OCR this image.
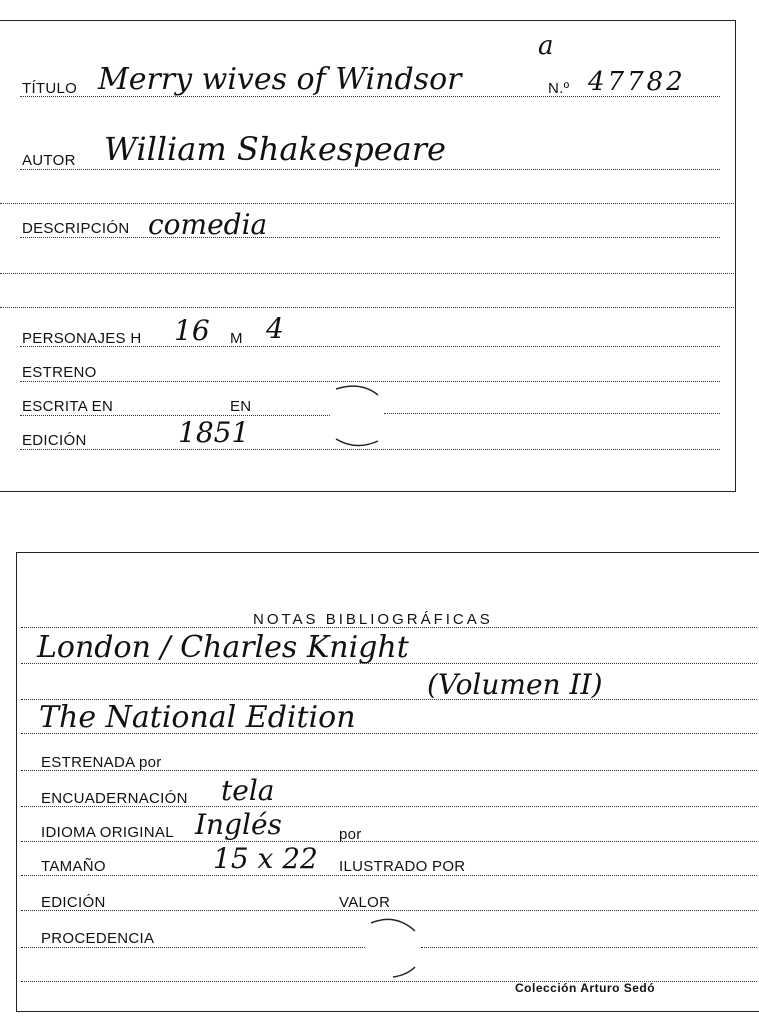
a
TÍTULO Merry wives of Windsor	N.º 47782
AUTOR William Shakespeare
DESCRIPCIÓN comedia
PERSONAJES H 16 M 4
ESTRENO
ESCRITA EN	EN
EDICIÓN	1851
NOTAS BIBLIOGRÁFICAS
London / Charles Knight
(Volumen II)
The National Edition
ESTRENADA por
ENCUADERNACIÓN tela
IDIOMA ORIGINAL Inglés	por
TAMAÑO	15 x 22 ILUSTRADO POR
EDICIÓN	VALOR
PROCEDENCIA
Colección Arturo Sedó
